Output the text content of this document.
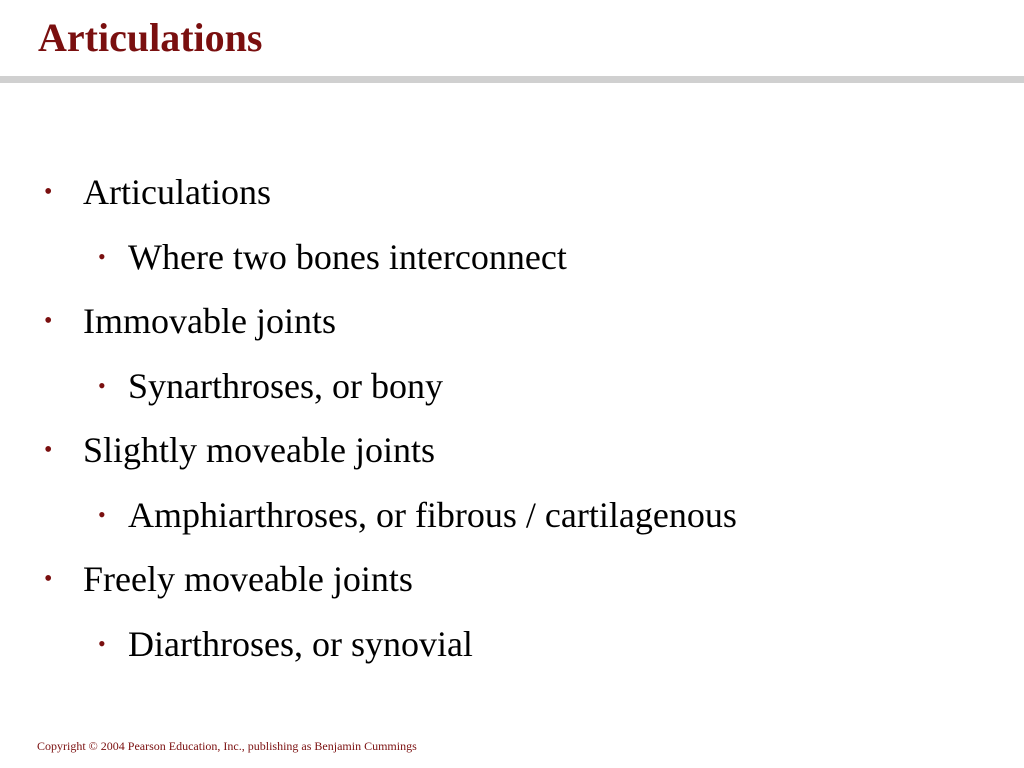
Articulations
• Articulations
• Where two bones interconnect
• Immovable joints
• Synarthroses, or bony
• Slightly moveable joints
• Amphiarthroses, or fibrous / cartilagenous
• Freely moveable joints
• Diarthroses, or synovial
Copyright © 2004 Pearson Education, Inc., publishing as Benjamin Cummings
